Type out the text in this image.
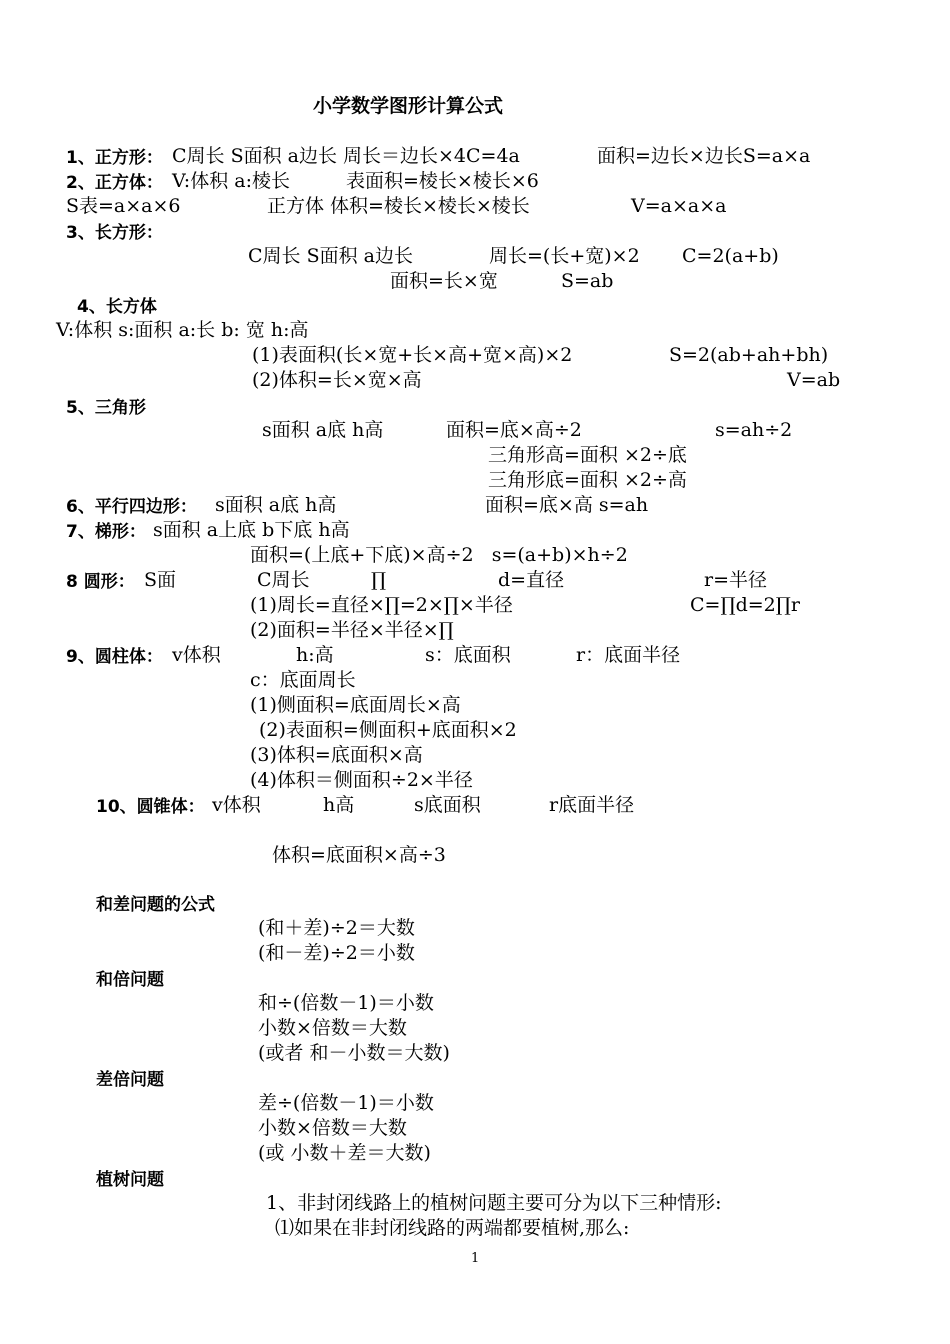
小学数学图形计算公式
1、正方形： C周长 S面积 a边长 周长＝边长×4C=4a	面积=边长×边长S=a×a
2、正方体： V:体积 a:棱长	表面积=棱长×棱长×6
S表=a×a×6	正方体 体积=棱长×棱长×棱长	V=a×a×a
3、长方形：
C周长 S面积 a边长	周长=(长+宽)×2 C=2(a+b)
面积=长×宽	S=ab
4、长方体
V:体积 s:面积 a:长 b: 宽 h:高
(1)表面积(长×宽+长×高+宽×高)×2	S=2(ab+ah+bh)
(2)体积=长×宽×高	V=ab
5、三角形
s面积 a底 h高	面积=底×高÷2	s=ah÷2
三角形高=面积 ×2÷底
三角形底=面积 ×2÷高
6、平行四边形： s面积 a底 h高	面积=底×高 s=ah
7、梯形： s面积 a上底 b下底 h高
面积=(上底+下底)×高÷2   s=(a+b)×h÷2
8 圆形： S面	C周长	∏	d=直径	r=半径
(1)周长=直径×∏=2×∏×半径	C=∏d=2∏r
(2)面积=半径×半径×∏
9、圆柱体： v体积	h:高	s：底面积	r：底面半径
c：底面周长
(1)侧面积=底面周长×高
(2)表面积=侧面积+底面积×2
(3)体积=底面积×高
(4)体积＝侧面积÷2×半径
10、圆锥体： v体积	h高	s底面积	r底面半径
体积=底面积×高÷3
和差问题的公式
(和＋差)÷2＝大数
(和－差)÷2＝小数
和倍问题
和÷(倍数－1)＝小数
小数×倍数＝大数
(或者 和－小数＝大数)
差倍问题
差÷(倍数－1)＝小数
小数×倍数＝大数
(或 小数＋差＝大数)
植树问题
1、非封闭线路上的植树问题主要可分为以下三种情形:
⑴如果在非封闭线路的两端都要植树,那么:
1
